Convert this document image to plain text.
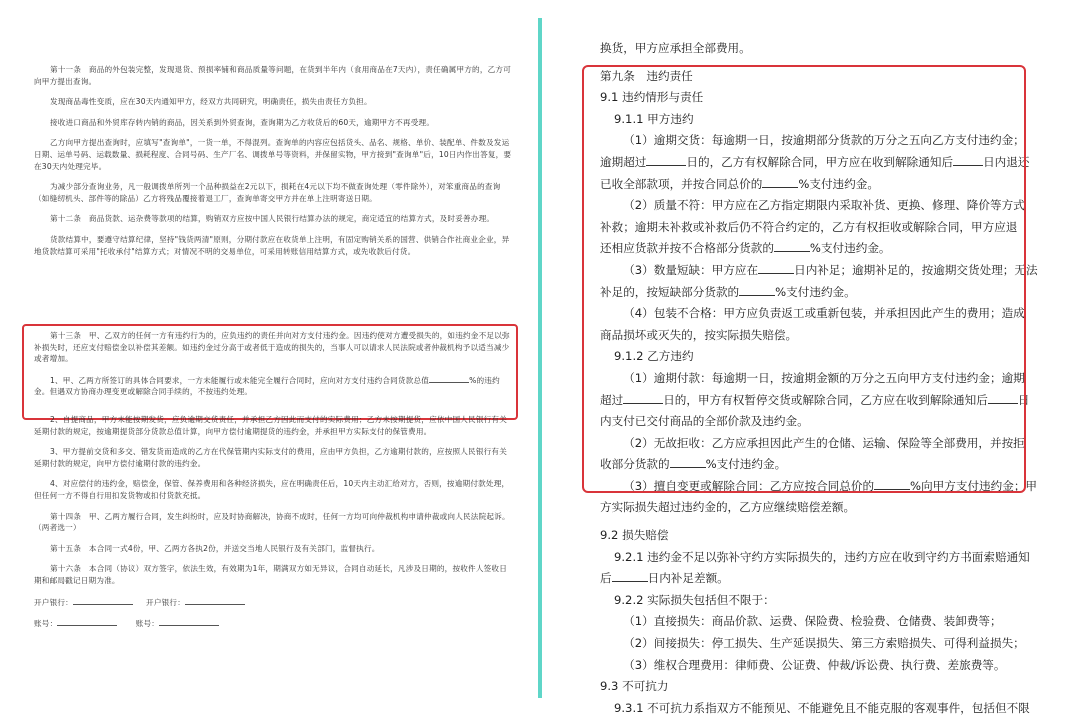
第十一条　商品的外包装完整，发现退货、预损率铺和商品质量等问题，在货到半年内（食用商品在7天内），责任确属甲方的，乙方可向甲方提出查询。

发现商品毒性变质，应在30天内通知甲方，经双方共同研究，明确责任，损失由责任方负担。

接收进口商品和外贸库存转内销的商品，因关系到外贸查询，查询期为乙方收货后的60天，逾期甲方不再受理。

乙方向甲方提出查询时，应填写"查询单"，一货一单，不得混列。查询单的内容应包括货头、品名、规格、单价、装配单、件数及发运日期、运单号码、运载数量、损耗程度、合同号码、生产厂名、调拨单号等资料，并保留实物，甲方接到"查询单"后，10日内作出答复，要在30天内处理完毕。

为减少部分查询业务，凡一般调拨单所列一个品种损益在2元以下，损耗在4元以下均不做查询处理（零件除外），对笨重商品的查询（如缝纫机头、部件等的除品）乙方将残品覆接着退工厂，查询单寄交甲方并在单上注明寄送日期。

第十二条　商品货款、运杂费等款项的结算，购销双方应按中国人民银行结算办法的规定，商定适宜的结算方式，及时妥善办理。

货款结算中，要遵守结算纪律，坚持"钱货两清"原则，分期付款应在收货单上注明，有固定购销关系的国营、供销合作社商业企业，异地货款结算可采用"托收承付"结算方式；对情况不明的交易单位，可采用转账信用结算方式，或先收款后付货。

第十三条　甲、乙双方的任何一方有违约行为的，应负违约的责任并向对方支付违约金。因违约使对方遭受损失的，如违约金不足以弥补损失时，还应支付赔偿金以补偿其差额。如违约金过分高于或者低于造成的损失的，当事人可以请求人民法院或者仲裁机构予以适当减少或者增加。

1、甲、乙两方所签订的具体合同要求，一方未能履行或未能完全履行合同时，应向对方支付违约合同货款总值	%的违约金。但遇双方协商办理变更或解除合同手续的，不按违约处理。

2、自提商品，甲方未能按期发货，应负逾期交货责任，并承担乙方因此而支付的实际费用；乙方未按期提货，应依中国人民银行有关延期付款的规定，按逾期提货部分货款总值计算，向甲方偿付逾期提货的违约金，并承担甲方实际支付的保管费用。

3、甲方提前交货和多交、错发货而造成的乙方在代保管期内实际支付的费用，应由甲方负担，乙方逾期付款的，应按照人民银行有关延期付款的规定，向甲方偿付逾期付款的违约金。

4、对应偿付的违约金，赔偿金，保管、保养费用和各种经济损失，应在明确责任后，10天内主动汇给对方，否则，按逾期付款处理，但任何一方不得自行用扣发货物或扣付货款充抵。

第十四条　甲、乙两方履行合同，发生纠纷时，应及时协商解决，协商不成时，任何一方均可向仲裁机构申请仲裁或向人民法院起诉。（两者选一）

第十五条　本合同一式4份，甲、乙两方各执2份，并送交当地人民银行及有关部门，监督执行。

第十六条　本合同（协议）双方签字，依法生效，有效期为1年，期满双方如无异议，合同自动延长，凡涉及日期的，按收件人签收日期和邮局戳记日期为准。

开户银行：	开户银行：

账号：	账号：

换货，甲方应承担全部费用。

第九条　违约责任

9.1 违约情形与责任

9.1.1 甲方违约

（1）逾期交货：每逾期一日，按逾期部分货款的万分之五向乙方支付违约金；

逾期超过	日的，乙方有权解除合同，甲方应在收到解除通知后	日内退还

已收全部款项，并按合同总价的	%支付违约金。

（2）质量不符：甲方应在乙方指定期限内采取补货、更换、修理、降价等方式

补救；逾期未补救或补救后仍不符合约定的，乙方有权拒收或解除合同，甲方应退

还相应货款并按不合格部分货款的	%支付违约金。

（3）数量短缺：甲方应在	日内补足；逾期补足的，按逾期交货处理；无法

补足的，按短缺部分货款的	%支付违约金。

（4）包装不合格：甲方应负责返工或重新包装，并承担因此产生的费用；造成

商品损坏或灭失的，按实际损失赔偿。

9.1.2 乙方违约

（1）逾期付款：每逾期一日，按逾期金额的万分之五向甲方支付违约金；逾期

超过	日的，甲方有权暂停交货或解除合同，乙方应在收到解除通知后	日

内支付已交付商品的全部价款及违约金。

（2）无故拒收：乙方应承担因此产生的仓储、运输、保险等全部费用，并按拒

收部分货款的	%支付违约金。

（3）擅自变更或解除合同：乙方应按合同总价的	%向甲方支付违约金；甲

方实际损失超过违约金的，乙方应继续赔偿差额。

9.2 损失赔偿

9.2.1 违约金不足以弥补守约方实际损失的，违约方应在收到守约方书面索赔通知

后	日内补足差额。

9.2.2 实际损失包括但不限于：

（1）直接损失：商品价款、运费、保险费、检验费、仓储费、装卸费等；

（2）间接损失：停工损失、生产延误损失、第三方索赔损失、可得利益损失；

（3）维权合理费用：律师费、公证费、仲裁/诉讼费、执行费、差旅费等。

9.3 不可抗力

9.3.1 不可抗力系指双方不能预见、不能避免且不能克服的客观事件，包括但不限
